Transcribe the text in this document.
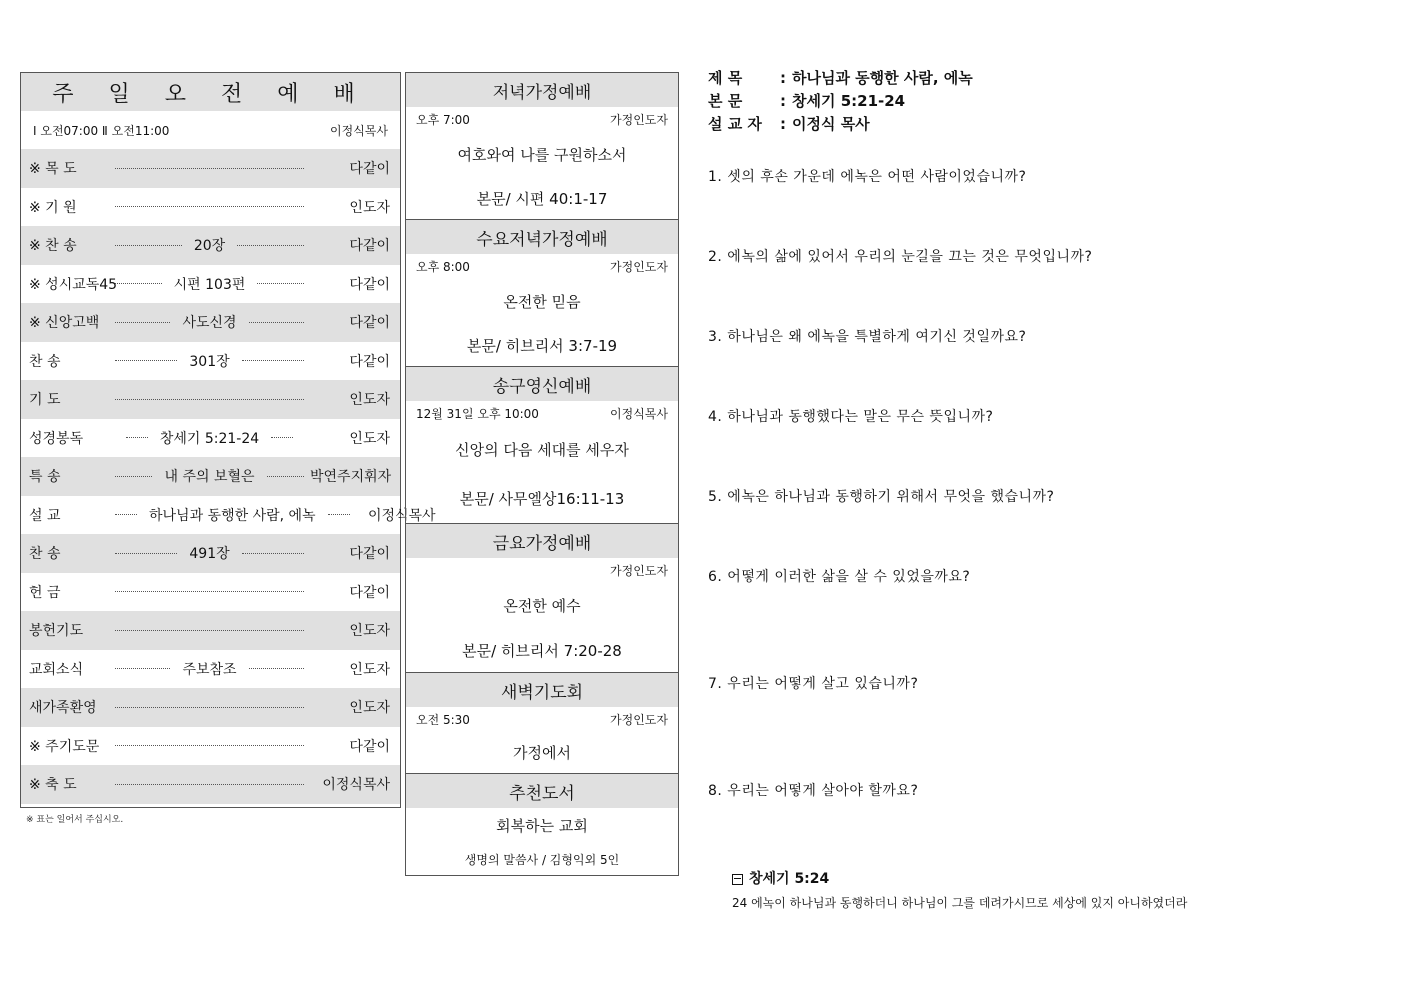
주 일 오 전 예 배
Ⅰ 오전07:00 Ⅱ 오전11:00	이정식목사
※ 목 도	다같이
※ 기 원	인도자
※ 찬 송	20장	다같이
※ 성시교독45	시편 103편	다같이
※ 신앙고백	사도신경	다같이
찬 송	301장	다같이
기 도	인도자
성경봉독	창세기 5:21-24	인도자
특 송	내 주의 보혈은	박연주지휘자
설 교	하나님과 동행한 사람, 에녹	이정식목사
찬 송	491장	다같이
헌 금	다같이
봉헌기도	인도자
교회소식	주보참조	인도자
새가족환영	인도자
※ 주기도문	다같이
※ 축 도	이정식목사
※ 표는 일어서 주십시오.
저녁가정예배
오후 7:00	가정인도자
여호와여 나를 구원하소서
본문/ 시편 40:1-17
수요저녁가정예배
오후 8:00	가정인도자
온전한 믿음
본문/ 히브리서 3:7-19
송구영신예배
12월 31일 오후 10:00	이정식목사
신앙의 다음 세대를 세우자
본문/ 사무엘상16:11-13
금요가정예배
가정인도자
온전한 예수
본문/ 히브리서 7:20-28
새벽기도회
오전 5:30	가정인도자
가정에서
추천도서
회복하는 교회
생명의 말씀사 / 김형익외 5인
제 목	: 하나님과 동행한 사람, 에녹
본 문	: 창세기 5:21-24
설 교 자	: 이정식 목사
1. 셋의 후손 가운데 에녹은 어떤 사람이었습니까?
2. 에녹의 삶에 있어서 우리의 눈길을 끄는 것은 무엇입니까?
3. 하나님은 왜 에녹을 특별하게 여기신 것일까요?
4. 하나님과 동행했다는 말은 무슨 뜻입니까?
5. 에녹은 하나님과 동행하기 위해서 무엇을 했습니까?
6. 어떻게 이러한 삶을 살 수 있었을까요?
7. 우리는 어떻게 살고 있습니까?
8. 우리는 어떻게 살아야 할까요?
창세기 5:24
24 에녹이 하나님과 동행하더니 하나님이 그를 데려가시므로 세상에 있지 아니하였더라
